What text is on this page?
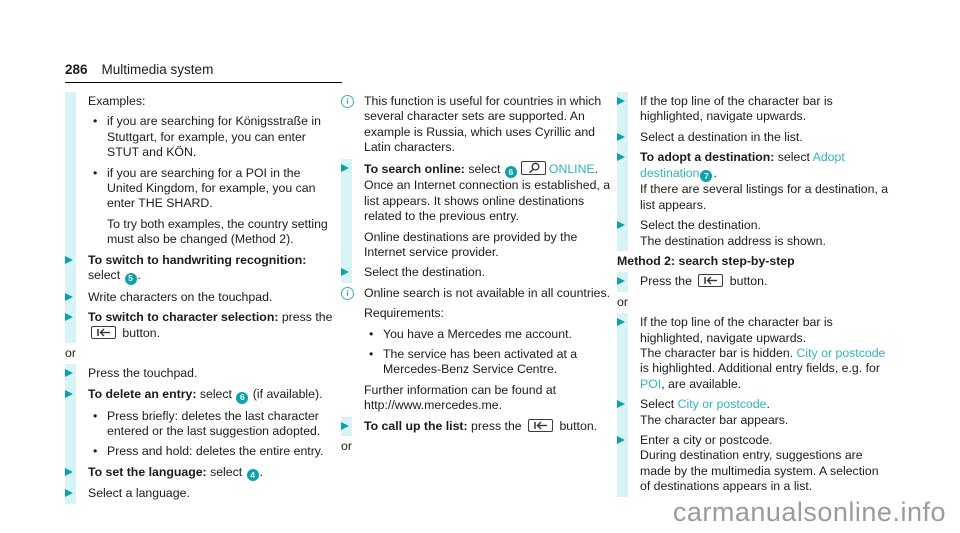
286 Multimedia system
Examples:
• if you are searching for Königsstraße in Stuttgart, for example, you can enter STUT and KÖN.
• if you are searching for a POI in the United Kingdom, for example, you can enter THE SHARD.
To try both examples, the country setting must also be changed (Method 2).
To switch to handwriting recognition: select 5 .
Write characters on the touchpad.
To switch to character selection: press the
button.
or
Press the touchpad.
To delete an entry: select 6 (if available).
• Press briefly: deletes the last character entered or the last suggestion adopted.
• Press and hold: deletes the entire entry.
To set the language: select 4 .
Select a language.
i	This function is useful for countries in which several character sets are supported. An example is Russia, which uses Cyrillic and Latin characters.
To search online: select 6	ONLINE.
Once an Internet connection is established, a list appears. It shows online destinations related to the previous entry.
Online destinations are provided by the Internet service provider.
Select the destination.
i	Online search is not available in all countries.
Requirements:
• You have a Mercedes me account.
• The service has been activated at a Mercedes-Benz Service Centre.
Further information can be found at http://www.mercedes.me.
To call up the list: press the	button.
or
If the top line of the character bar is highlighted, navigate upwards.
Select a destination in the list.
To adopt a destination: select Adopt destination 7 .
If there are several listings for a destination, a list appears.
Select the destination.
The destination address is shown.
Method 2: search step-by-step
Press the	button.
or
If the top line of the character bar is highlighted, navigate upwards.
The character bar is hidden. City or postcode is highlighted. Additional entry fields, e.g. for POI, are available.
Select City or postcode.
The character bar appears.
Enter a city or postcode.
During destination entry, suggestions are made by the multimedia system. A selection of destinations appears in a list.
carmanualsonline.info
